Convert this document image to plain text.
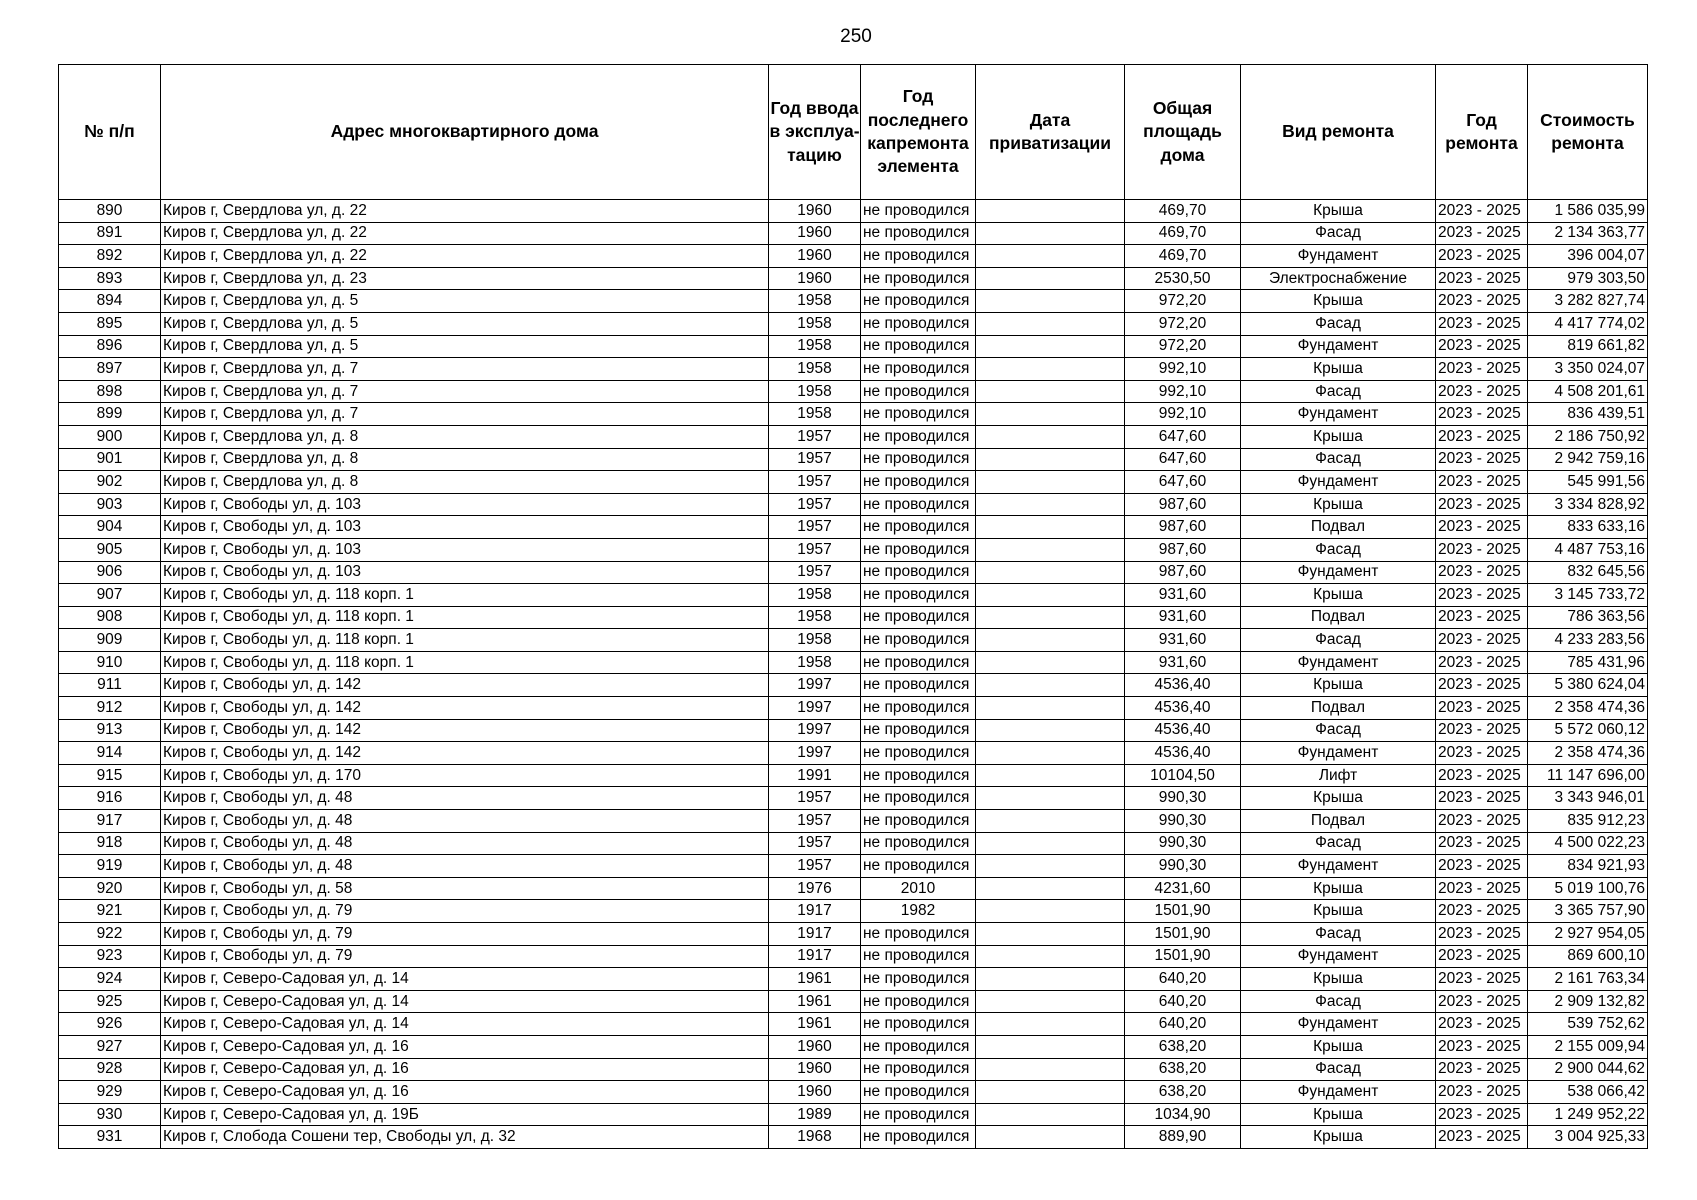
250
№ п/п	Адрес многоквартирного дома	Год ввода в эксплуа-тацию	Год последнего капремонта элемента	Дата приватизации	Общая площадь дома	Вид ремонта	Год ремонта	Стоимость ремонта
890	Киров г, Свердлова ул, д. 22	1960	не проводился		469,70	Крыша	2023 - 2025	1 586 035,99
891	Киров г, Свердлова ул, д. 22	1960	не проводился		469,70	Фасад	2023 - 2025	2 134 363,77
892	Киров г, Свердлова ул, д. 22	1960	не проводился		469,70	Фундамент	2023 - 2025	396 004,07
893	Киров г, Свердлова ул, д. 23	1960	не проводился		2530,50	Электроснабжение	2023 - 2025	979 303,50
894	Киров г, Свердлова ул, д. 5	1958	не проводился		972,20	Крыша	2023 - 2025	3 282 827,74
895	Киров г, Свердлова ул, д. 5	1958	не проводился		972,20	Фасад	2023 - 2025	4 417 774,02
896	Киров г, Свердлова ул, д. 5	1958	не проводился		972,20	Фундамент	2023 - 2025	819 661,82
897	Киров г, Свердлова ул, д. 7	1958	не проводился		992,10	Крыша	2023 - 2025	3 350 024,07
898	Киров г, Свердлова ул, д. 7	1958	не проводился		992,10	Фасад	2023 - 2025	4 508 201,61
899	Киров г, Свердлова ул, д. 7	1958	не проводился		992,10	Фундамент	2023 - 2025	836 439,51
900	Киров г, Свердлова ул, д. 8	1957	не проводился		647,60	Крыша	2023 - 2025	2 186 750,92
901	Киров г, Свердлова ул, д. 8	1957	не проводился		647,60	Фасад	2023 - 2025	2 942 759,16
902	Киров г, Свердлова ул, д. 8	1957	не проводился		647,60	Фундамент	2023 - 2025	545 991,56
903	Киров г, Свободы ул, д. 103	1957	не проводился		987,60	Крыша	2023 - 2025	3 334 828,92
904	Киров г, Свободы ул, д. 103	1957	не проводился		987,60	Подвал	2023 - 2025	833 633,16
905	Киров г, Свободы ул, д. 103	1957	не проводился		987,60	Фасад	2023 - 2025	4 487 753,16
906	Киров г, Свободы ул, д. 103	1957	не проводился		987,60	Фундамент	2023 - 2025	832 645,56
907	Киров г, Свободы ул, д. 118 корп. 1	1958	не проводился		931,60	Крыша	2023 - 2025	3 145 733,72
908	Киров г, Свободы ул, д. 118 корп. 1	1958	не проводился		931,60	Подвал	2023 - 2025	786 363,56
909	Киров г, Свободы ул, д. 118 корп. 1	1958	не проводился		931,60	Фасад	2023 - 2025	4 233 283,56
910	Киров г, Свободы ул, д. 118 корп. 1	1958	не проводился		931,60	Фундамент	2023 - 2025	785 431,96
911	Киров г, Свободы ул, д. 142	1997	не проводился		4536,40	Крыша	2023 - 2025	5 380 624,04
912	Киров г, Свободы ул, д. 142	1997	не проводился		4536,40	Подвал	2023 - 2025	2 358 474,36
913	Киров г, Свободы ул, д. 142	1997	не проводился		4536,40	Фасад	2023 - 2025	5 572 060,12
914	Киров г, Свободы ул, д. 142	1997	не проводился		4536,40	Фундамент	2023 - 2025	2 358 474,36
915	Киров г, Свободы ул, д. 170	1991	не проводился		10104,50	Лифт	2023 - 2025	11 147 696,00
916	Киров г, Свободы ул, д. 48	1957	не проводился		990,30	Крыша	2023 - 2025	3 343 946,01
917	Киров г, Свободы ул, д. 48	1957	не проводился		990,30	Подвал	2023 - 2025	835 912,23
918	Киров г, Свободы ул, д. 48	1957	не проводился		990,30	Фасад	2023 - 2025	4 500 022,23
919	Киров г, Свободы ул, д. 48	1957	не проводился		990,30	Фундамент	2023 - 2025	834 921,93
920	Киров г, Свободы ул, д. 58	1976	2010		4231,60	Крыша	2023 - 2025	5 019 100,76
921	Киров г, Свободы ул, д. 79	1917	1982		1501,90	Крыша	2023 - 2025	3 365 757,90
922	Киров г, Свободы ул, д. 79	1917	не проводился		1501,90	Фасад	2023 - 2025	2 927 954,05
923	Киров г, Свободы ул, д. 79	1917	не проводился		1501,90	Фундамент	2023 - 2025	869 600,10
924	Киров г, Северо-Садовая ул, д. 14	1961	не проводился		640,20	Крыша	2023 - 2025	2 161 763,34
925	Киров г, Северо-Садовая ул, д. 14	1961	не проводился		640,20	Фасад	2023 - 2025	2 909 132,82
926	Киров г, Северо-Садовая ул, д. 14	1961	не проводился		640,20	Фундамент	2023 - 2025	539 752,62
927	Киров г, Северо-Садовая ул, д. 16	1960	не проводился		638,20	Крыша	2023 - 2025	2 155 009,94
928	Киров г, Северо-Садовая ул, д. 16	1960	не проводился		638,20	Фасад	2023 - 2025	2 900 044,62
929	Киров г, Северо-Садовая ул, д. 16	1960	не проводился		638,20	Фундамент	2023 - 2025	538 066,42
930	Киров г, Северо-Садовая ул, д. 19Б	1989	не проводился		1034,90	Крыша	2023 - 2025	1 249 952,22
931	Киров г, Слобода Сошени тер, Свободы ул, д. 32	1968	не проводился		889,90	Крыша	2023 - 2025	3 004 925,33
